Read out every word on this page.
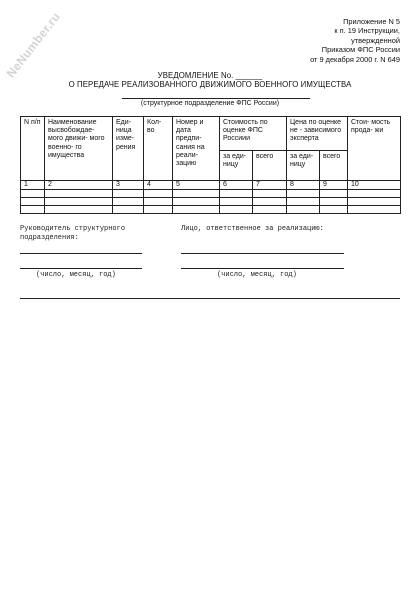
NeNumber.ru	Приложение N 5
к п. 19 Инструкции,
утвержденной
Приказом ФПС России
от 9 декабря 2000 г. N 649
УВЕДОМЛЕНИЕ No. ______
О ПЕРЕДАЧЕ РЕАЛИЗОВАННОГО ДВИЖИМОГО ВОЕННОГО ИМУЩЕСТВА
(структурное подразделение ФПС России)
N п/п	Наименование высвобождае- мого движи- мого военно- го имущества	Еди- ница изме- рения	Кол- во	Номер и дата предпи- сания на реали- зацию	Стоимость по оценке ФПС Россиии		Цена по оценке не - зависимого эксперта		Стои- мость прода- жи
					за еди- ницу	всего	за еди- ницу	всего	
1	2	3	4	5	6	7	8	9	10

Руководитель структурного
подразделения:
Лицо, ответственное за реализацию:
(число, месяц, год)	(число, месяц, год)
